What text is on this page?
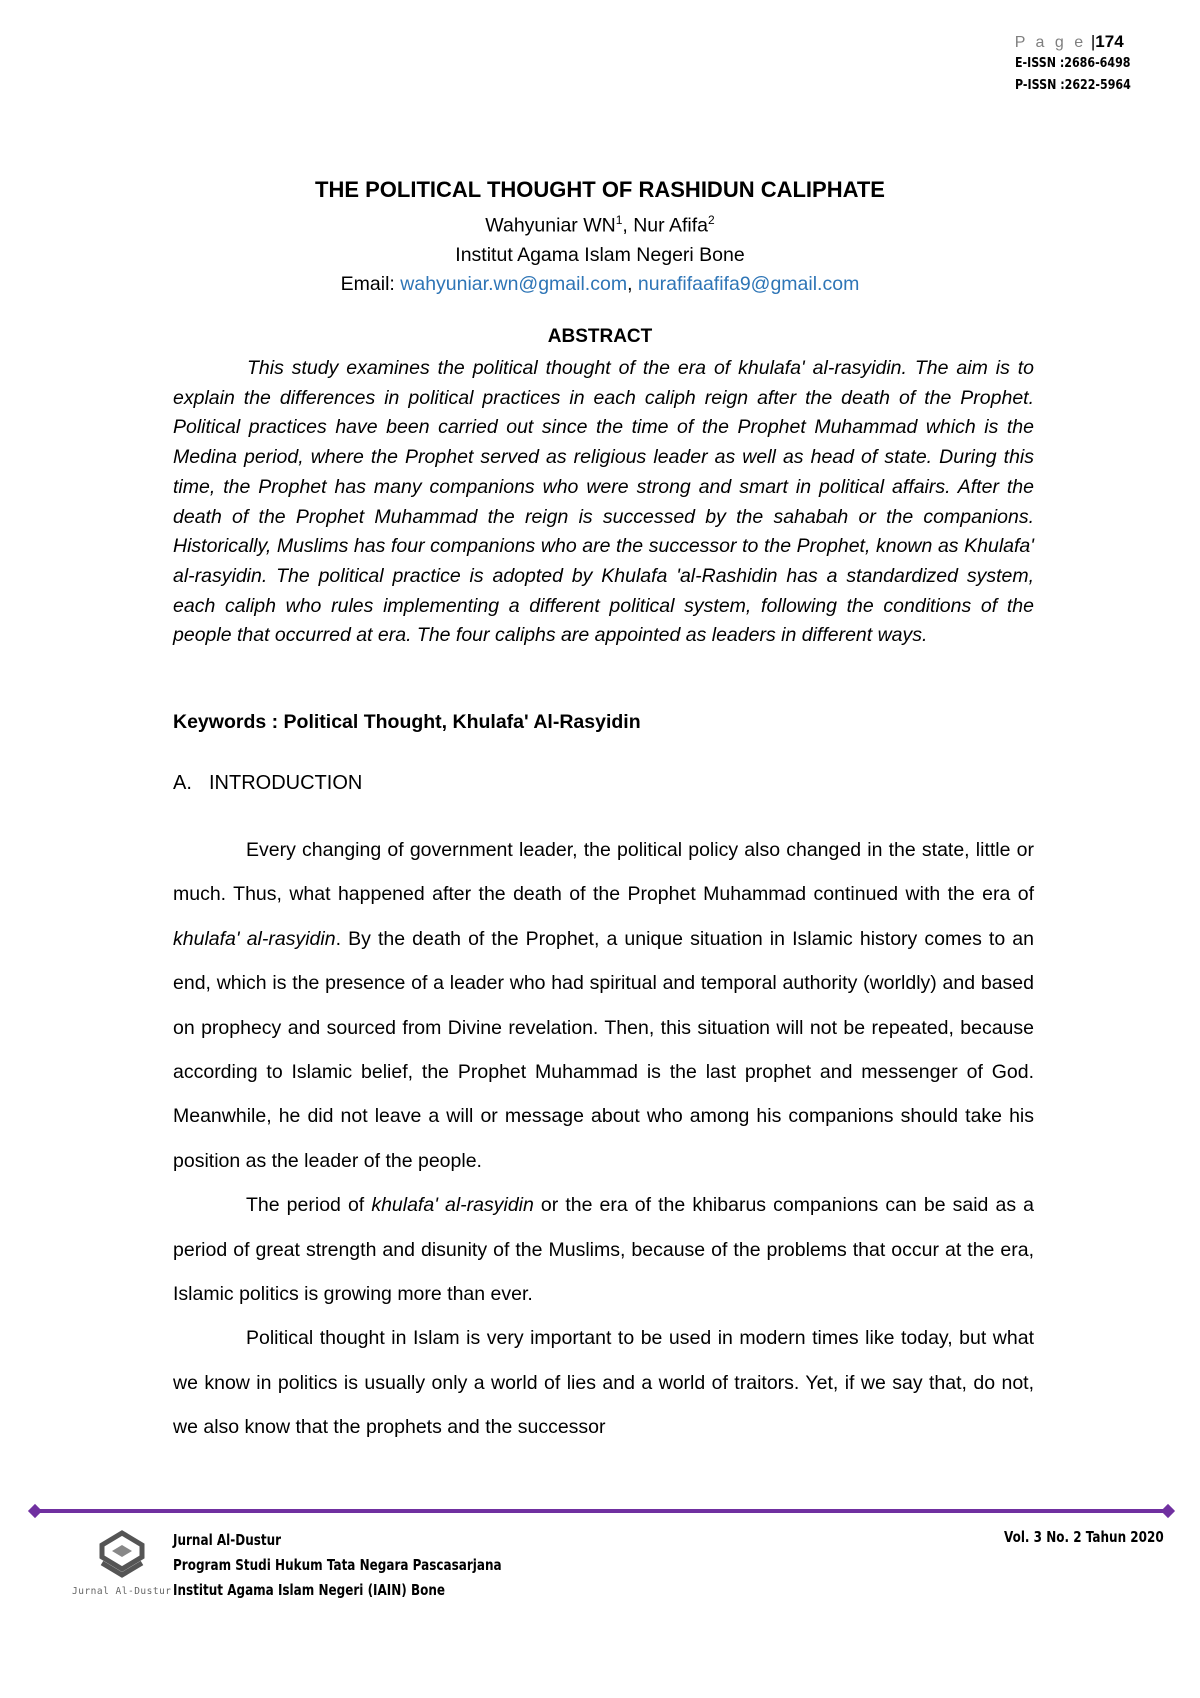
P a g e |174
E-ISSN :2686-6498
P-ISSN :2622-5964
THE POLITICAL THOUGHT OF RASHIDUN CALIPHATE
Wahyuniar $WN^1$, Nur Afifa$^2$
Institut Agama Islam Negeri Bone
Email: wahyuniar.wn@gmail.com, nurafifaafifa9@gmail.com
ABSTRACT

This study examines the political thought of the era of khulafa' al-rasyidin. The aim is to explain the differences in political practices in each caliph reign after the death of the Prophet. Political practices have been carried out since the time of the Prophet Muhammad which is the Medina period, where the Prophet served as religious leader as well as head of state. During this time, the Prophet has many companions who were strong and smart in political affairs. After the death of the Prophet Muhammad the reign is successed by the sahabah or the companions. Historically, Muslims has four companions who are the successor to the Prophet, known as Khulafa' al-rasyidin. The political practice is adopted by Khulafa 'al-Rashidin has a standardized system, each caliph who rules implementing a different political system, following the conditions of the people that occurred at era. The four caliphs are appointed as leaders in different ways.

Keywords : Political Thought, Khulafa' Al-Rasyidin
A. INTRODUCTION

Every changing of government leader, the political policy also changed in the state, little or much. Thus, what happened after the death of the Prophet Muhammad continued with the era of khulafa' al-rasyidin. By the death of the Prophet, a unique situation in Islamic history comes to an end, which is the presence of a leader who had spiritual and temporal authority (worldly) and based on prophecy and sourced from Divine revelation. Then, this situation will not be repeated, because according to Islamic belief, the Prophet Muhammad is the last prophet and messenger of God. Meanwhile, he did not leave a will or message about who among his companions should take his position as the leader of the people.

The period of khulafa' al-rasyidin or the era of the khibarus companions can be said as a period of great strength and disunity of the Muslims, because of the problems that occur at the era, Islamic politics is growing more than ever.

Political thought in Islam is very important to be used in modern times like today, but what we know in politics is usually only a world of lies and a world of traitors. Yet, if we say that, do not, we also know that the prophets and the successor

Jurnal Al-Dustur
Jurnal Al-Dustur
Program Studi Hukum Tata Negara Pascasarjana
Institut Agama Islam Negeri (IAIN) Bone
Vol. 3 No. 2 Tahun 2020
